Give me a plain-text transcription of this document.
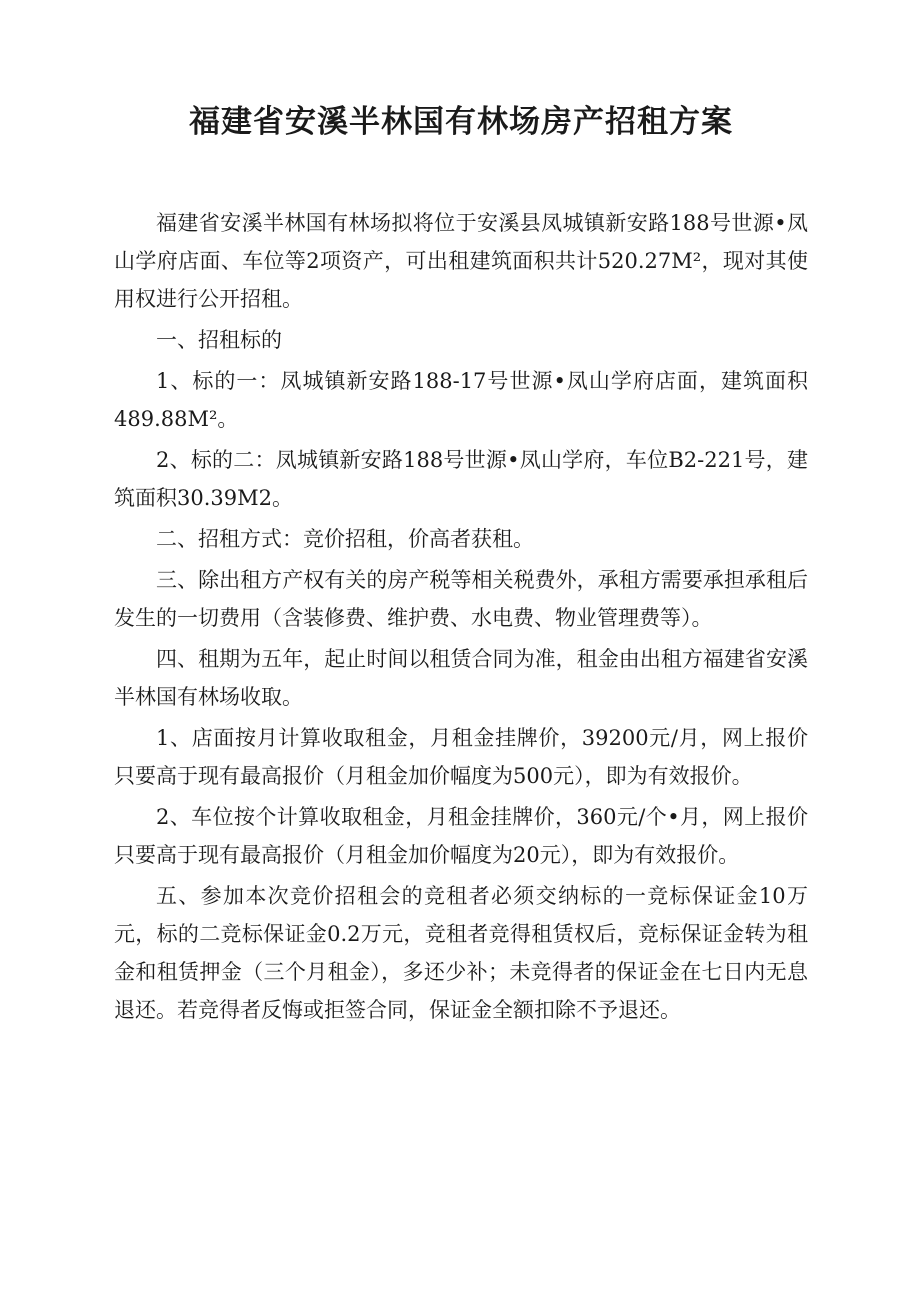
福建省安溪半林国有林场房产招租方案

福建省安溪半林国有林场拟将位于安溪县凤城镇新安路188号世源•凤山学府店面、车位等2项资产，可出租建筑面积共计520.27M²，现对其使用权进行公开招租。

一、招租标的

1、标的一：凤城镇新安路188-17号世源•凤山学府店面，建筑面积489.88M²。

2、标的二：凤城镇新安路188号世源•凤山学府，车位B2-221号，建筑面积30.39M2。

二、招租方式：竞价招租，价高者获租。

三、除出租方产权有关的房产税等相关税费外，承租方需要承担承租后发生的一切费用（含装修费、维护费、水电费、物业管理费等）。

四、租期为五年，起止时间以租赁合同为准，租金由出租方福建省安溪半林国有林场收取。

1、店面按月计算收取租金，月租金挂牌价，39200元/月，网上报价只要高于现有最高报价（月租金加价幅度为500元），即为有效报价。

2、车位按个计算收取租金，月租金挂牌价，360元/个•月，网上报价只要高于现有最高报价（月租金加价幅度为20元），即为有效报价。

五、参加本次竞价招租会的竞租者必须交纳标的一竞标保证金10万元，标的二竞标保证金0.2万元，竞租者竞得租赁权后，竞标保证金转为租金和租赁押金（三个月租金），多还少补；未竞得者的保证金在七日内无息退还。若竞得者反悔或拒签合同，保证金全额扣除不予退还。
